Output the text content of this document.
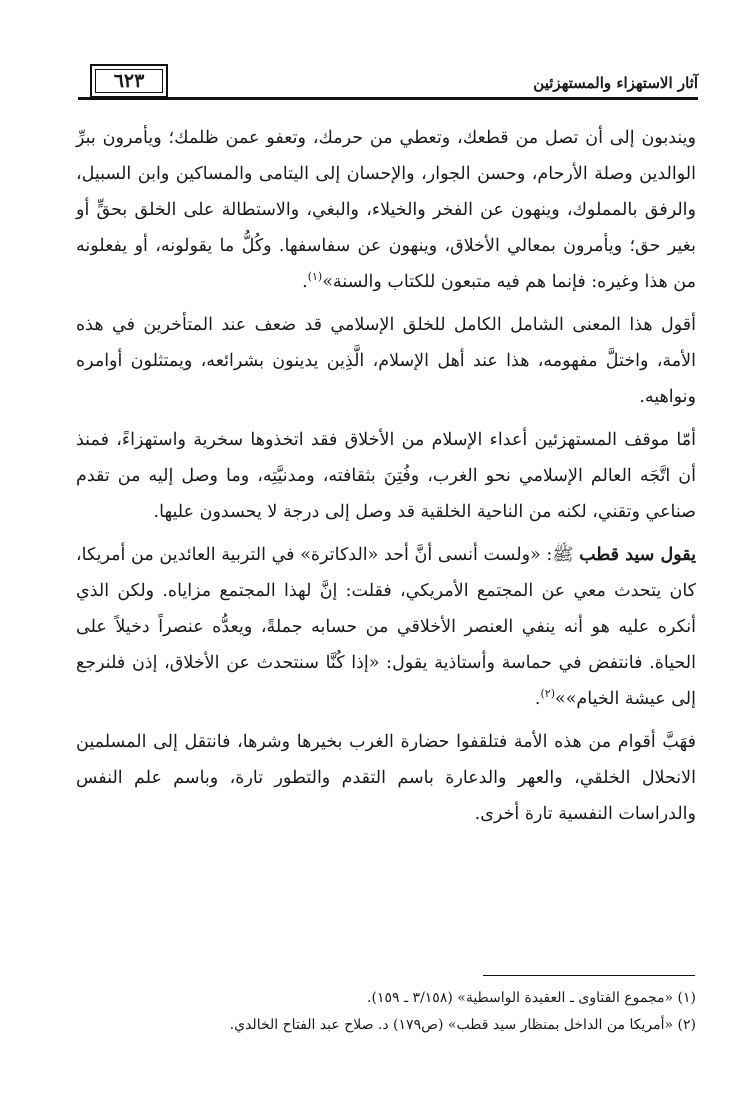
٦٢٣	آثار الاستهزاء والمستهزئين

ويندبون إلى أن تصل من قطعك، وتعطي من حرمك، وتعفو عمن ظلمك؛ ويأمرون ببرِّ الوالدين وصلة الأرحام، وحسن الجوار، والإحسان إلى اليتامى والمساكين وابن السبيل، والرفق بالمملوك، وينهون عن الفخر والخيلاء، والبغي، والاستطالة على الخلق بحقٍّ أو بغير حق؛ ويأمرون بمعالي الأخلاق، وينهون عن سفاسفها. وكُلُّ ما يقولونه، أو يفعلونه من هذا وغيره: فإنما هم فيه متبعون للكتاب والسنة»$^{(١)}$.

أقول هذا المعنى الشامل الكامل للخلق الإسلامي قد ضعف عند المتأخرين في هذه الأمة، واختلَّ مفهومه، هذا عند أهل الإسلام، الَّذِين يدينون بشرائعه، ويمتثلون أوامره ونواهيه.

أمّا موقف المستهزئين أعداء الإسلام من الأخلاق فقد اتخذوها سخرية واستهزاءً، فمنذ أن اتَّجَه العالم الإسلامي نحو الغرب، وفُتِنَ بثقافته، ومدنيَّتِه، وما وصل إليه من تقدم صناعي وتقني، لكنه من الناحية الخلقية قد وصل إلى درجة لا يحسدون عليها.

يقول سيد قطب ﷺ: «ولست أنسى أنَّ أحد «الدكاترة» في التربية العائدين من أمريكا، كان يتحدث معي عن المجتمع الأمريكي، فقلت: إنَّ لهذا المجتمع مزاياه. ولكن الذي أنكره عليه هو أنه ينفي العنصر الأخلاقي من حسابه جملةً، ويعدُّه عنصراً دخيلاً على الحياة. فانتفض في حماسة وأستاذية يقول: «إذا كُنَّا سنتحدث عن الأخلاق، إذن فلنرجع إلى عيشة الخيام»»$^{(٢)}$.

فهَبَّ أقوام من هذه الأمة فتلقفوا حضارة الغرب بخيرها وشرها، فانتقل إلى المسلمين الانحلال الخلقي، والعهر والدعارة باسم التقدم والتطور تارة، وباسم علم النفس والدراسات النفسية تارة أخرى.

(١) «مجموع الفتاوى ـ العقيدة الواسطية» (٣/١٥٨ ـ ١٥٩).
(٢) «أمريكا من الداخل بمنظار سيد قطب» (ص١٧٩) د. صلاح عبد الفتاح الخالدي.
